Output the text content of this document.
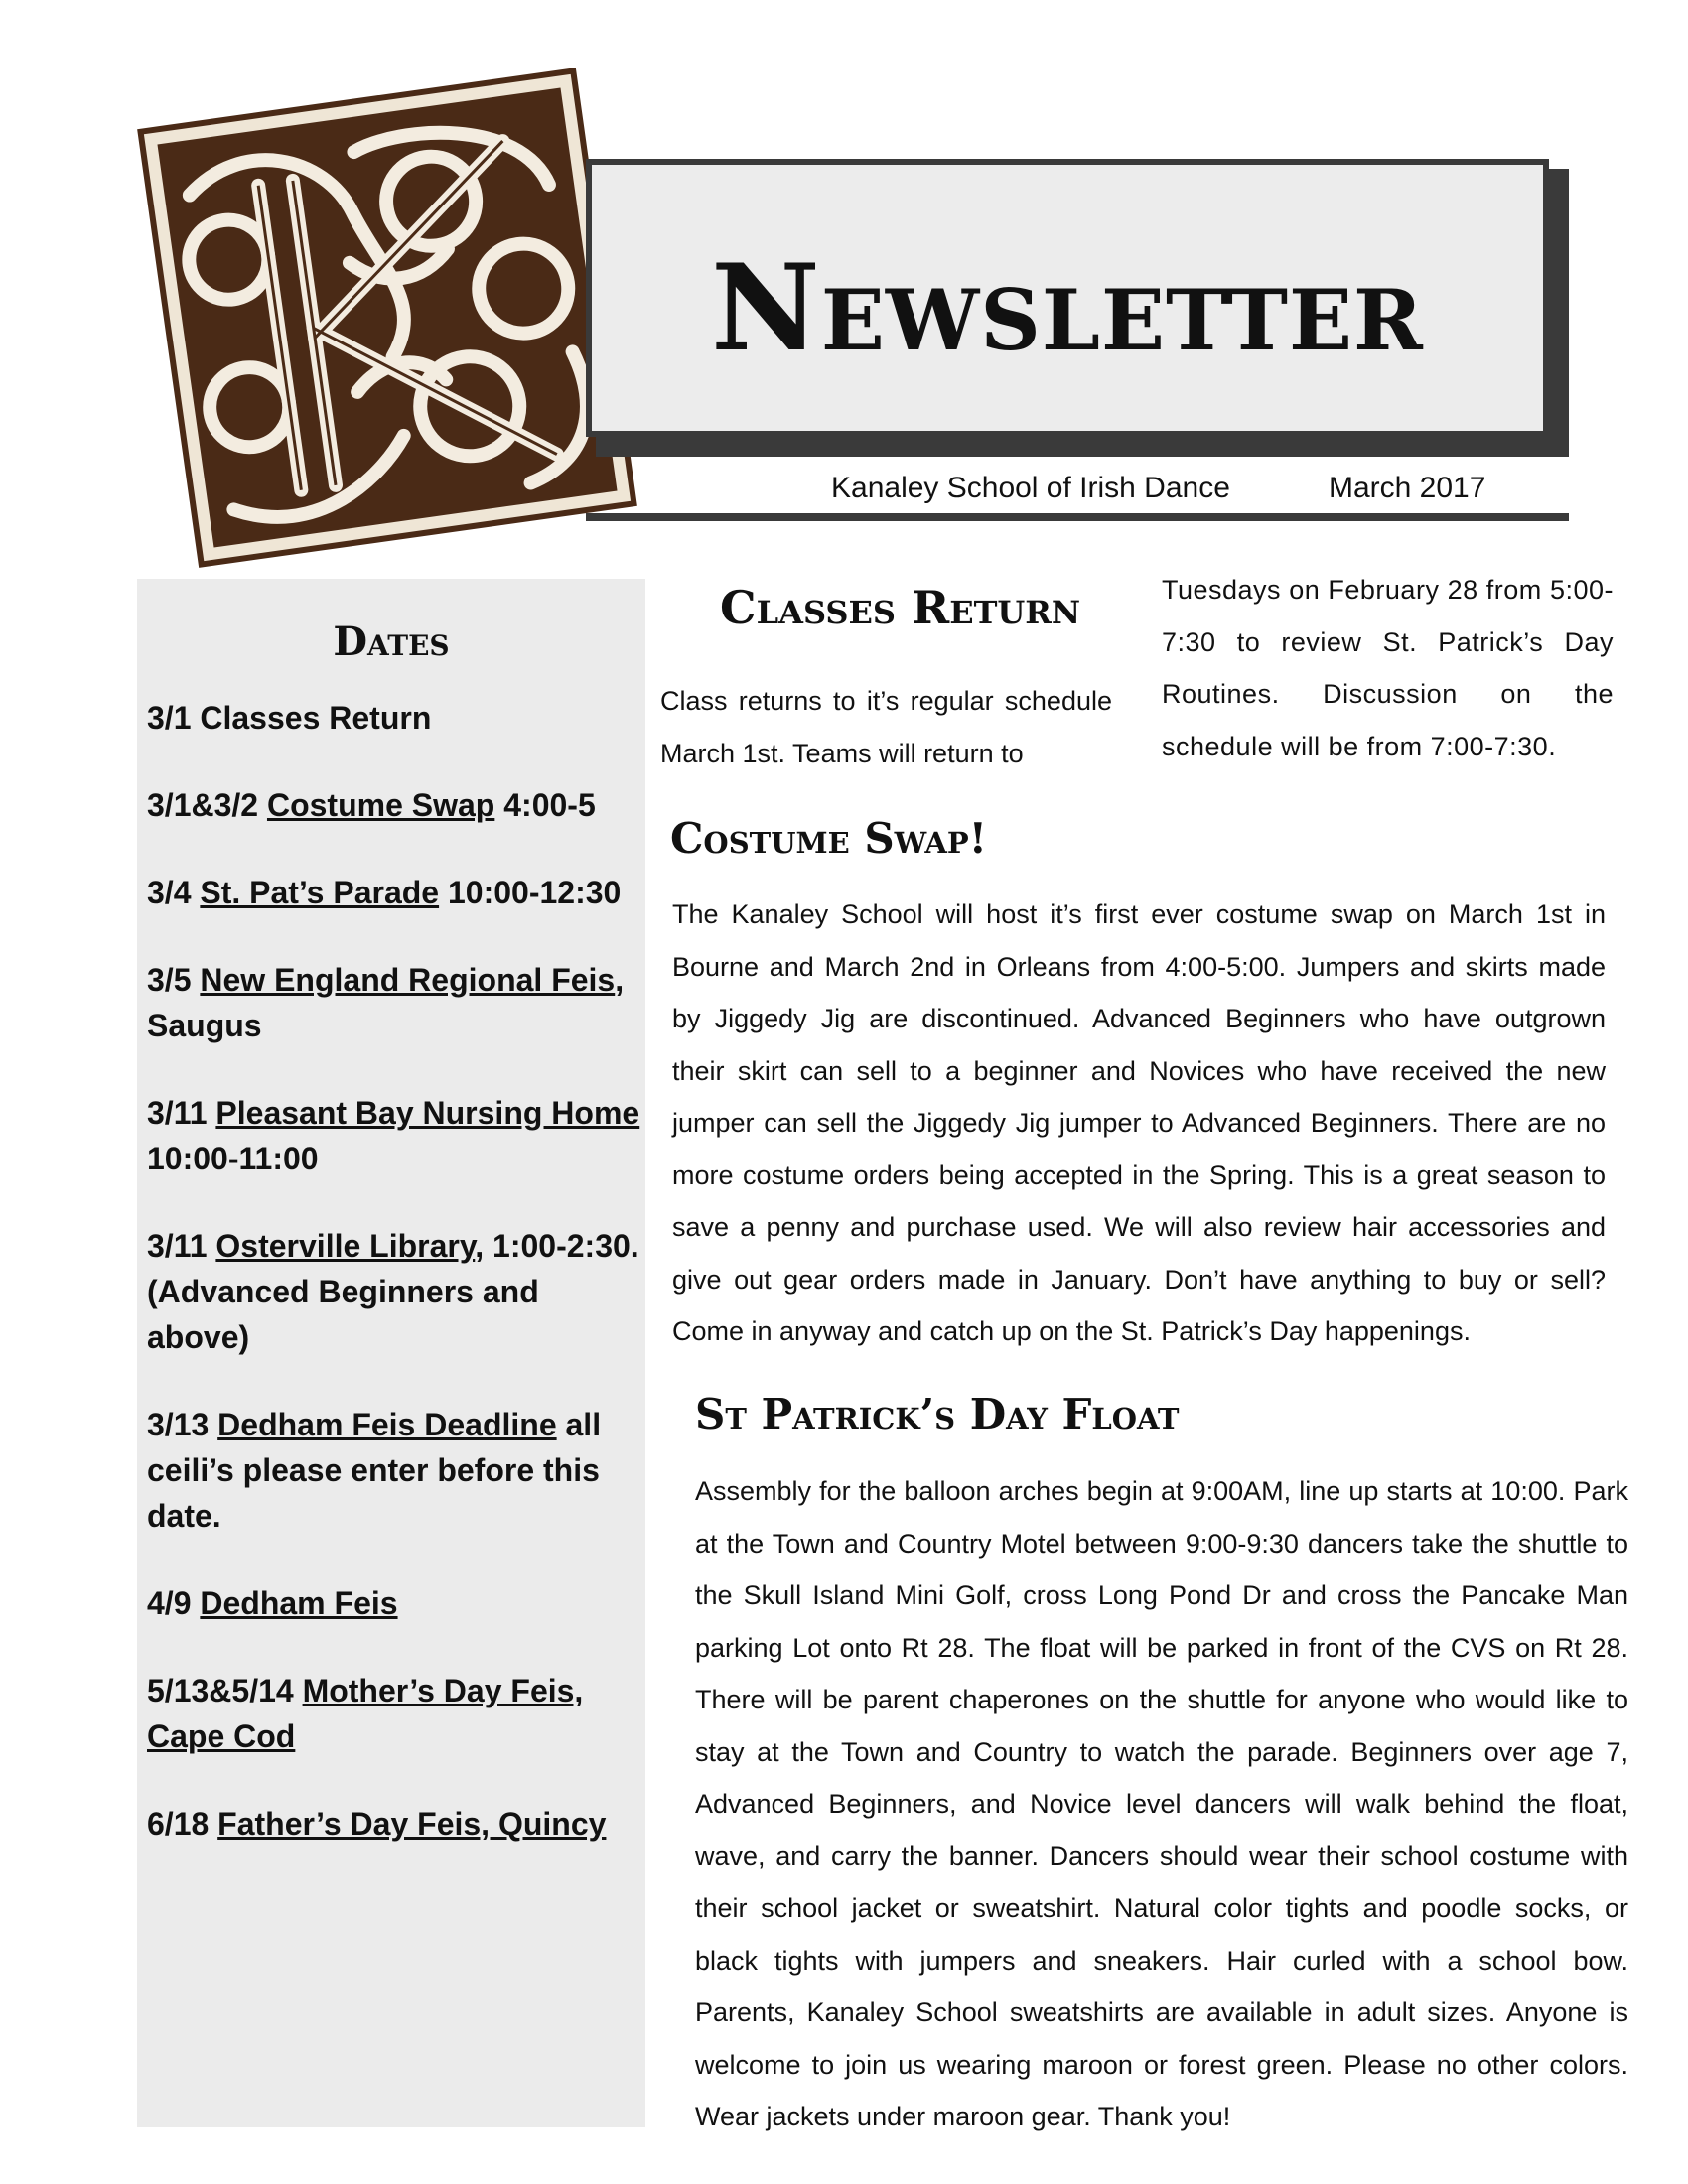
Newsletter
Kanaley School of Irish Dance	March 2017
Dates
3/1 Classes Return
3/1&3/2 Costume Swap 4:00-5
3/4 St. Pat’s Parade 10:00-12:30
3/5 New England Regional Feis, Saugus
3/11 Pleasant Bay Nursing Home 10:00-11:00
3/11 Osterville Library, 1:00-2:30. (Advanced Beginners and above)
3/13 Dedham Feis Deadline all ceili’s please enter before this date.
4/9 Dedham Feis
5/13&5/14 Mother’s Day Feis, Cape Cod
6/18 Father’s Day Feis, Quincy
Classes Return

Class returns to it’s regular schedule March 1st. Teams will return to

Tuesdays on February 28 from 5:00-7:30 to review St. Patrick’s Day Routines. Discussion on the schedule will be from 7:00-7:30.

Costume Swap!

The Kanaley School will host it’s first ever costume swap on March 1st in Bourne and March 2nd in Orleans from 4:00-5:00. Jumpers and skirts made by Jiggedy Jig are discontinued. Advanced Beginners who have outgrown their skirt can sell to a beginner and Novices who have received the new jumper can sell the Jiggedy Jig jumper to Advanced Beginners. There are no more costume orders being accepted in the Spring. This is a great season to save a penny and purchase used. We will also review hair accessories and give out gear orders made in January. Don’t have anything to buy or sell? Come in anyway and catch up on the St. Patrick’s Day happenings.

St Patrick’s Day Float

Assembly for the balloon arches begin at 9:00AM, line up starts at 10:00. Park at the Town and Country Motel between 9:00-9:30 dancers take the shuttle to the Skull Island Mini Golf, cross Long Pond Dr and cross the Pancake Man parking Lot onto Rt 28. The float will be parked in front of the CVS on Rt 28. There will be parent chaperones on the shuttle for anyone who would like to stay at the Town and Country to watch the parade. Beginners over age 7, Advanced Beginners, and Novice level dancers will walk behind the float, wave, and carry the banner. Dancers should wear their school costume with their school jacket or sweatshirt. Natural color tights and poodle socks, or black tights with jumpers and sneakers. Hair curled with a school bow. Parents, Kanaley School sweatshirts are available in adult sizes. Anyone is welcome to join us wearing maroon or forest green. Please no other colors. Wear jackets under maroon gear. Thank you!
